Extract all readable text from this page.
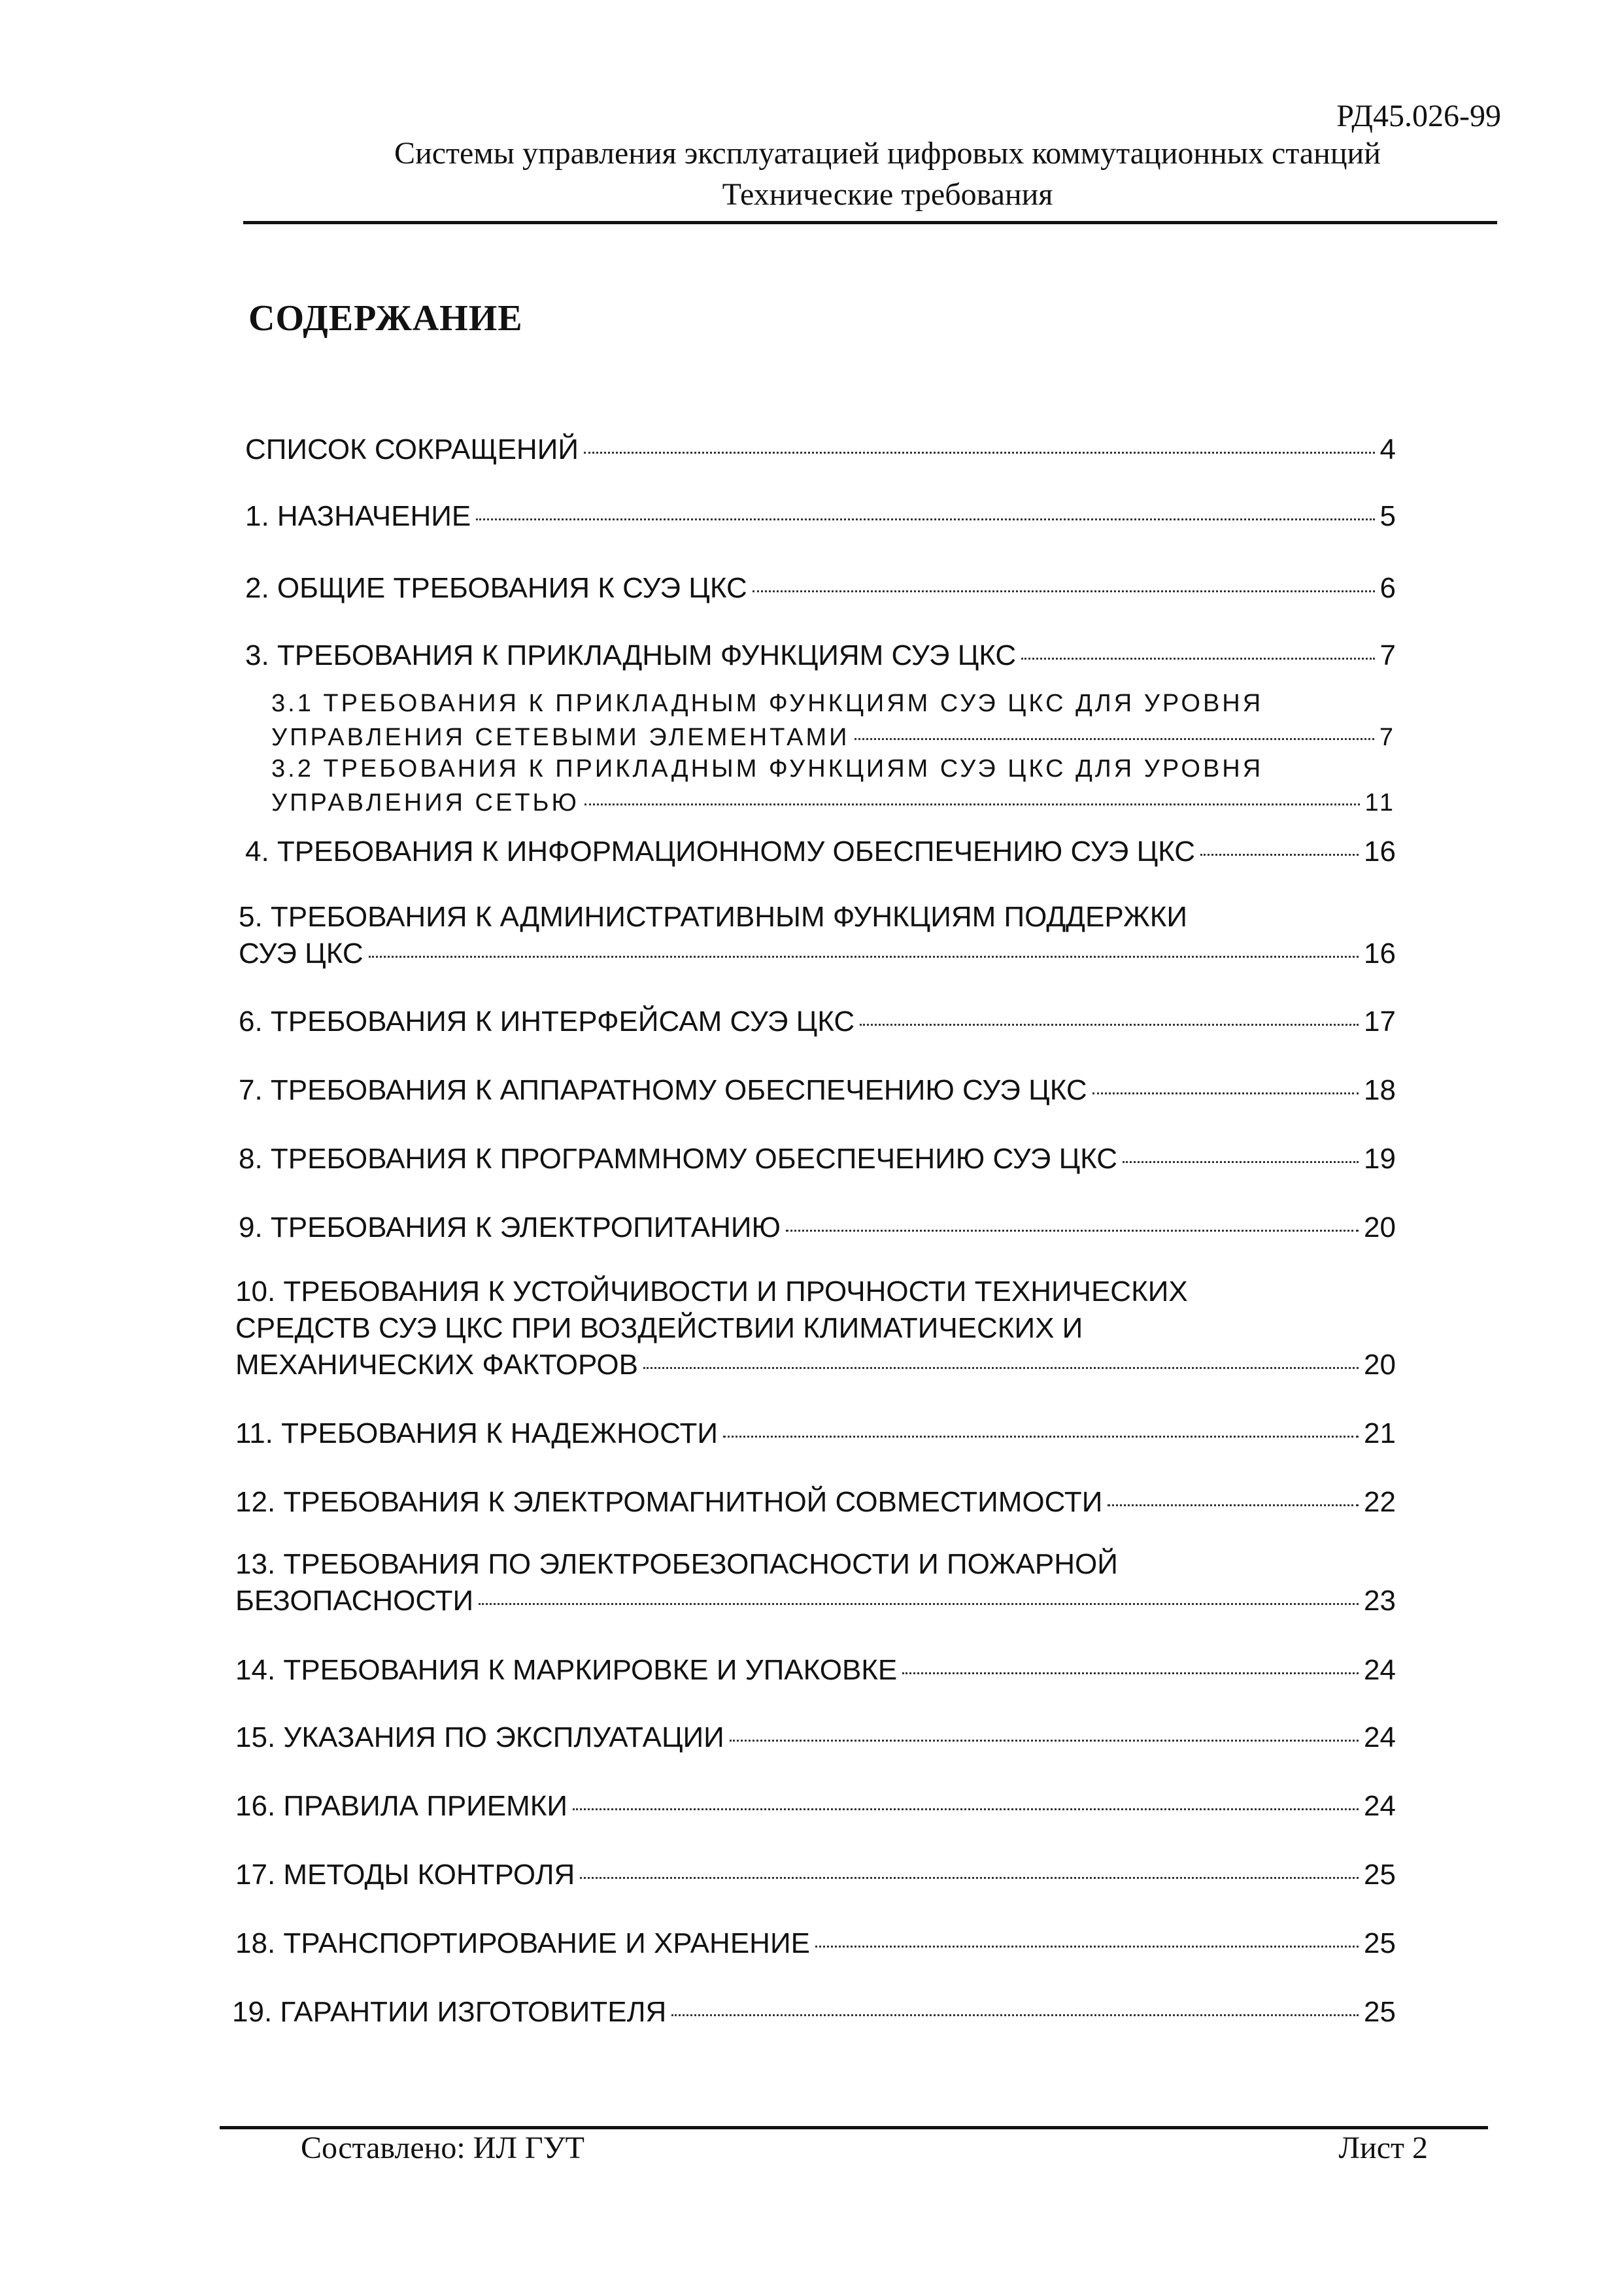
РД45.026-99
Системы управления эксплуатацией цифровых коммутационных станций
Технические требования
СОДЕРЖАНИЕ
СПИСОК СОКРАЩЕНИЙ	4
1. НАЗНАЧЕНИЕ	5
2. ОБЩИЕ ТРЕБОВАНИЯ К СУЭ ЦКС	6
3. ТРЕБОВАНИЯ К ПРИКЛАДНЫМ ФУНКЦИЯМ СУЭ ЦКС	7
3.1 ТРЕБОВАНИЯ К ПРИКЛАДНЫМ ФУНКЦИЯМ СУЭ ЦКС ДЛЯ УРОВНЯ
УПРАВЛЕНИЯ СЕТЕВЫМИ ЭЛЕМЕНТАМИ	7
3.2 ТРЕБОВАНИЯ К ПРИКЛАДНЫМ ФУНКЦИЯМ СУЭ ЦКС ДЛЯ УРОВНЯ
УПРАВЛЕНИЯ СЕТЬЮ	11
4. ТРЕБОВАНИЯ К ИНФОРМАЦИОННОМУ ОБЕСПЕЧЕНИЮ СУЭ ЦКС	16
5. ТРЕБОВАНИЯ К АДМИНИСТРАТИВНЫМ ФУНКЦИЯМ ПОДДЕРЖКИ
СУЭ ЦКС	16
6. ТРЕБОВАНИЯ К ИНТЕРФЕЙСАМ СУЭ ЦКС	17
7. ТРЕБОВАНИЯ К АППАРАТНОМУ ОБЕСПЕЧЕНИЮ СУЭ ЦКС	18
8. ТРЕБОВАНИЯ К ПРОГРАММНОМУ ОБЕСПЕЧЕНИЮ СУЭ ЦКС	19
9. ТРЕБОВАНИЯ К ЭЛЕКТРОПИТАНИЮ	20
10. ТРЕБОВАНИЯ К УСТОЙЧИВОСТИ И ПРОЧНОСТИ ТЕХНИЧЕСКИХ
СРЕДСТВ СУЭ ЦКС ПРИ ВОЗДЕЙСТВИИ КЛИМАТИЧЕСКИХ И
МЕХАНИЧЕСКИХ ФАКТОРОВ	20
11. ТРЕБОВАНИЯ К НАДЕЖНОСТИ	21
12. ТРЕБОВАНИЯ К ЭЛЕКТРОМАГНИТНОЙ СОВМЕСТИМОСТИ	22
13. ТРЕБОВАНИЯ ПО ЭЛЕКТРОБЕЗОПАСНОСТИ И ПОЖАРНОЙ
БЕЗОПАСНОСТИ	23
14. ТРЕБОВАНИЯ К МАРКИРОВКЕ И УПАКОВКЕ	24
15. УКАЗАНИЯ ПО ЭКСПЛУАТАЦИИ	24
16. ПРАВИЛА ПРИЕМКИ	24
17. МЕТОДЫ КОНТРОЛЯ	25
18. ТРАНСПОРТИРОВАНИЕ И ХРАНЕНИЕ	25
19. ГАРАНТИИ ИЗГОТОВИТЕЛЯ	25
Составлено: ИЛ ГУТ	Лист 2
